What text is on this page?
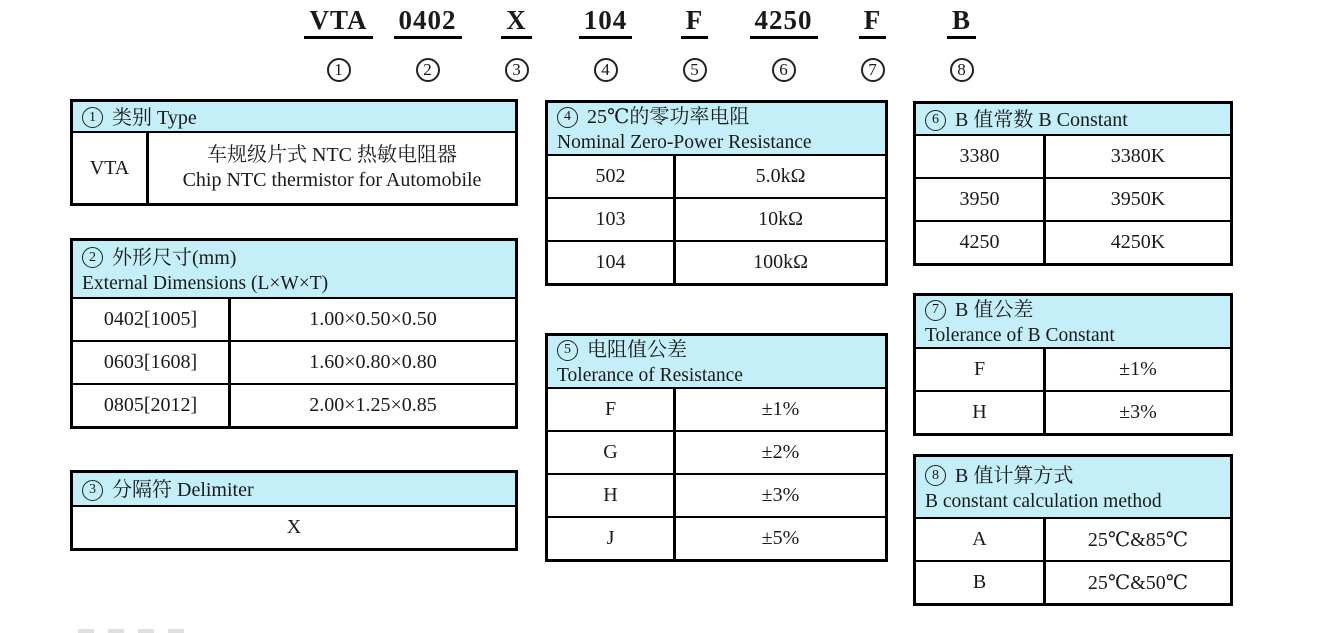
VTA
1
0402
2
X
3
104
4
F
5
4250
6
F
7
B
8
1 类别 Type
VTA
车规级片式 NTC 热敏电阻器
Chip NTC thermistor for Automobile
2 外形尺寸(mm)
External Dimensions (L×W×T)
0402[1005]	1.00×0.50×0.50
0603[1608]	1.60×0.80×0.80
0805[2012]	2.00×1.25×0.85
3 分隔符 Delimiter
X
4 25℃的零功率电阻
Nominal Zero-Power Resistance
502	5.0kΩ
103	10kΩ
104	100kΩ
5 电阻值公差
Tolerance of Resistance
F	±1%
G	±2%
H	±3%
J	±5%
6 B 值常数 B Constant
3380	3380K
3950	3950K
4250	4250K
7 B 值公差
Tolerance of B Constant
F	±1%
H	±3%
8 B 值计算方式
B constant calculation method
A	25℃&85℃
B	25℃&50℃
